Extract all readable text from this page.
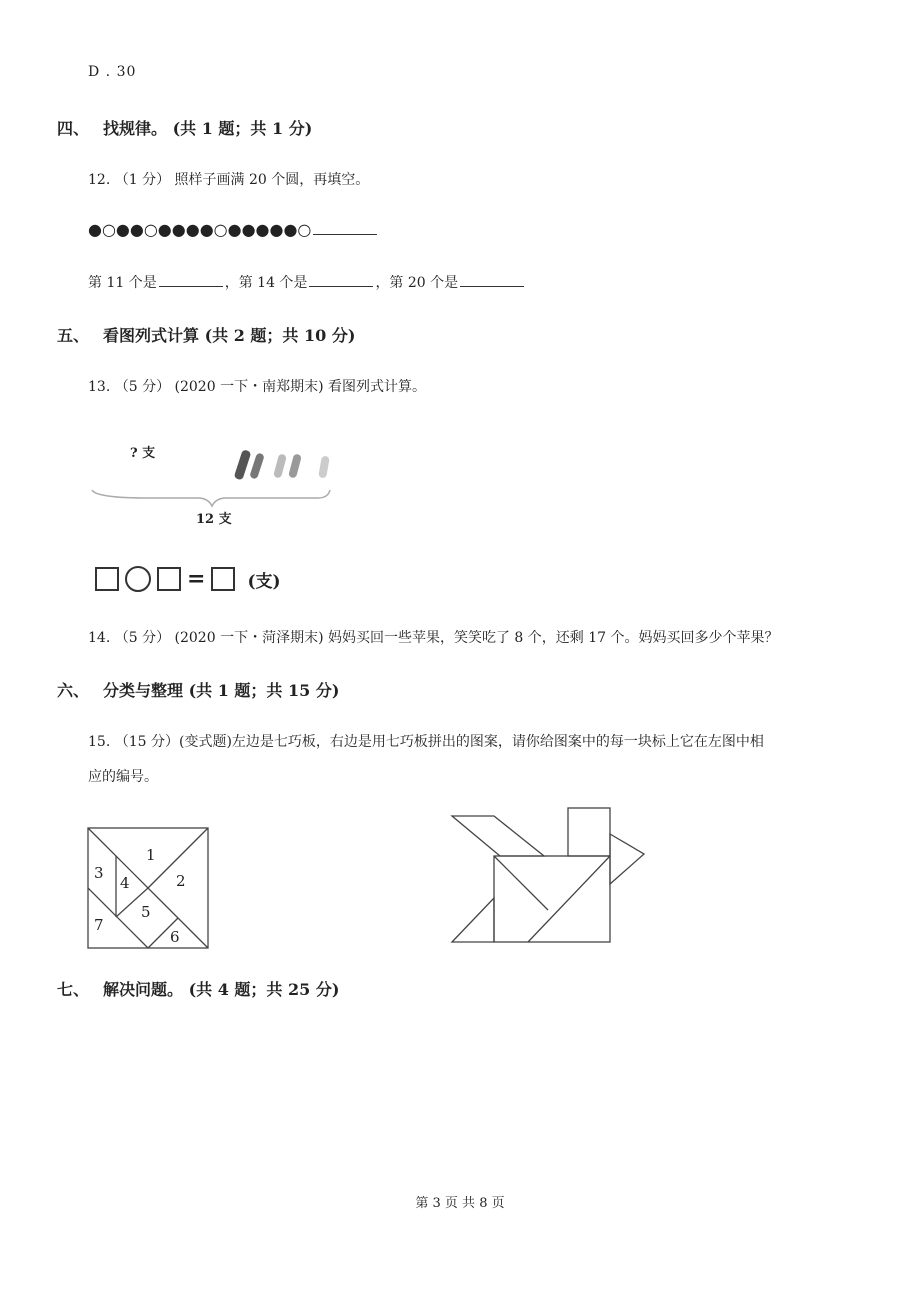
D . 30
四、 找规律。 (共 1 题；共 1 分)
12. （1 分） 照样子画满 20 个圆，再填空。
●○●●○●●●●○●●●●●○
第 11 个是	，第 14 个是	，第 20 个是
五、 看图列式计算 (共 2 题；共 10 分)
13. （5 分） (2020 一下・南郑期末) 看图列式计算。
? 支
12 支
= (支)
14. （5 分） (2020 一下・菏泽期末) 妈妈买回一些苹果，笑笑吃了 8 个，还剩 17 个。妈妈买回多少个苹果？
六、 分类与整理 (共 1 题；共 15 分)
15. （15 分）(变式题)左边是七巧板，右边是用七巧板拼出的图案，请你给图案中的每一块标上它在左图中相
应的编号。
1
2
3
4
5
6
7
七、 解决问题。 (共 4 题；共 25 分)
第 3 页 共 8 页
